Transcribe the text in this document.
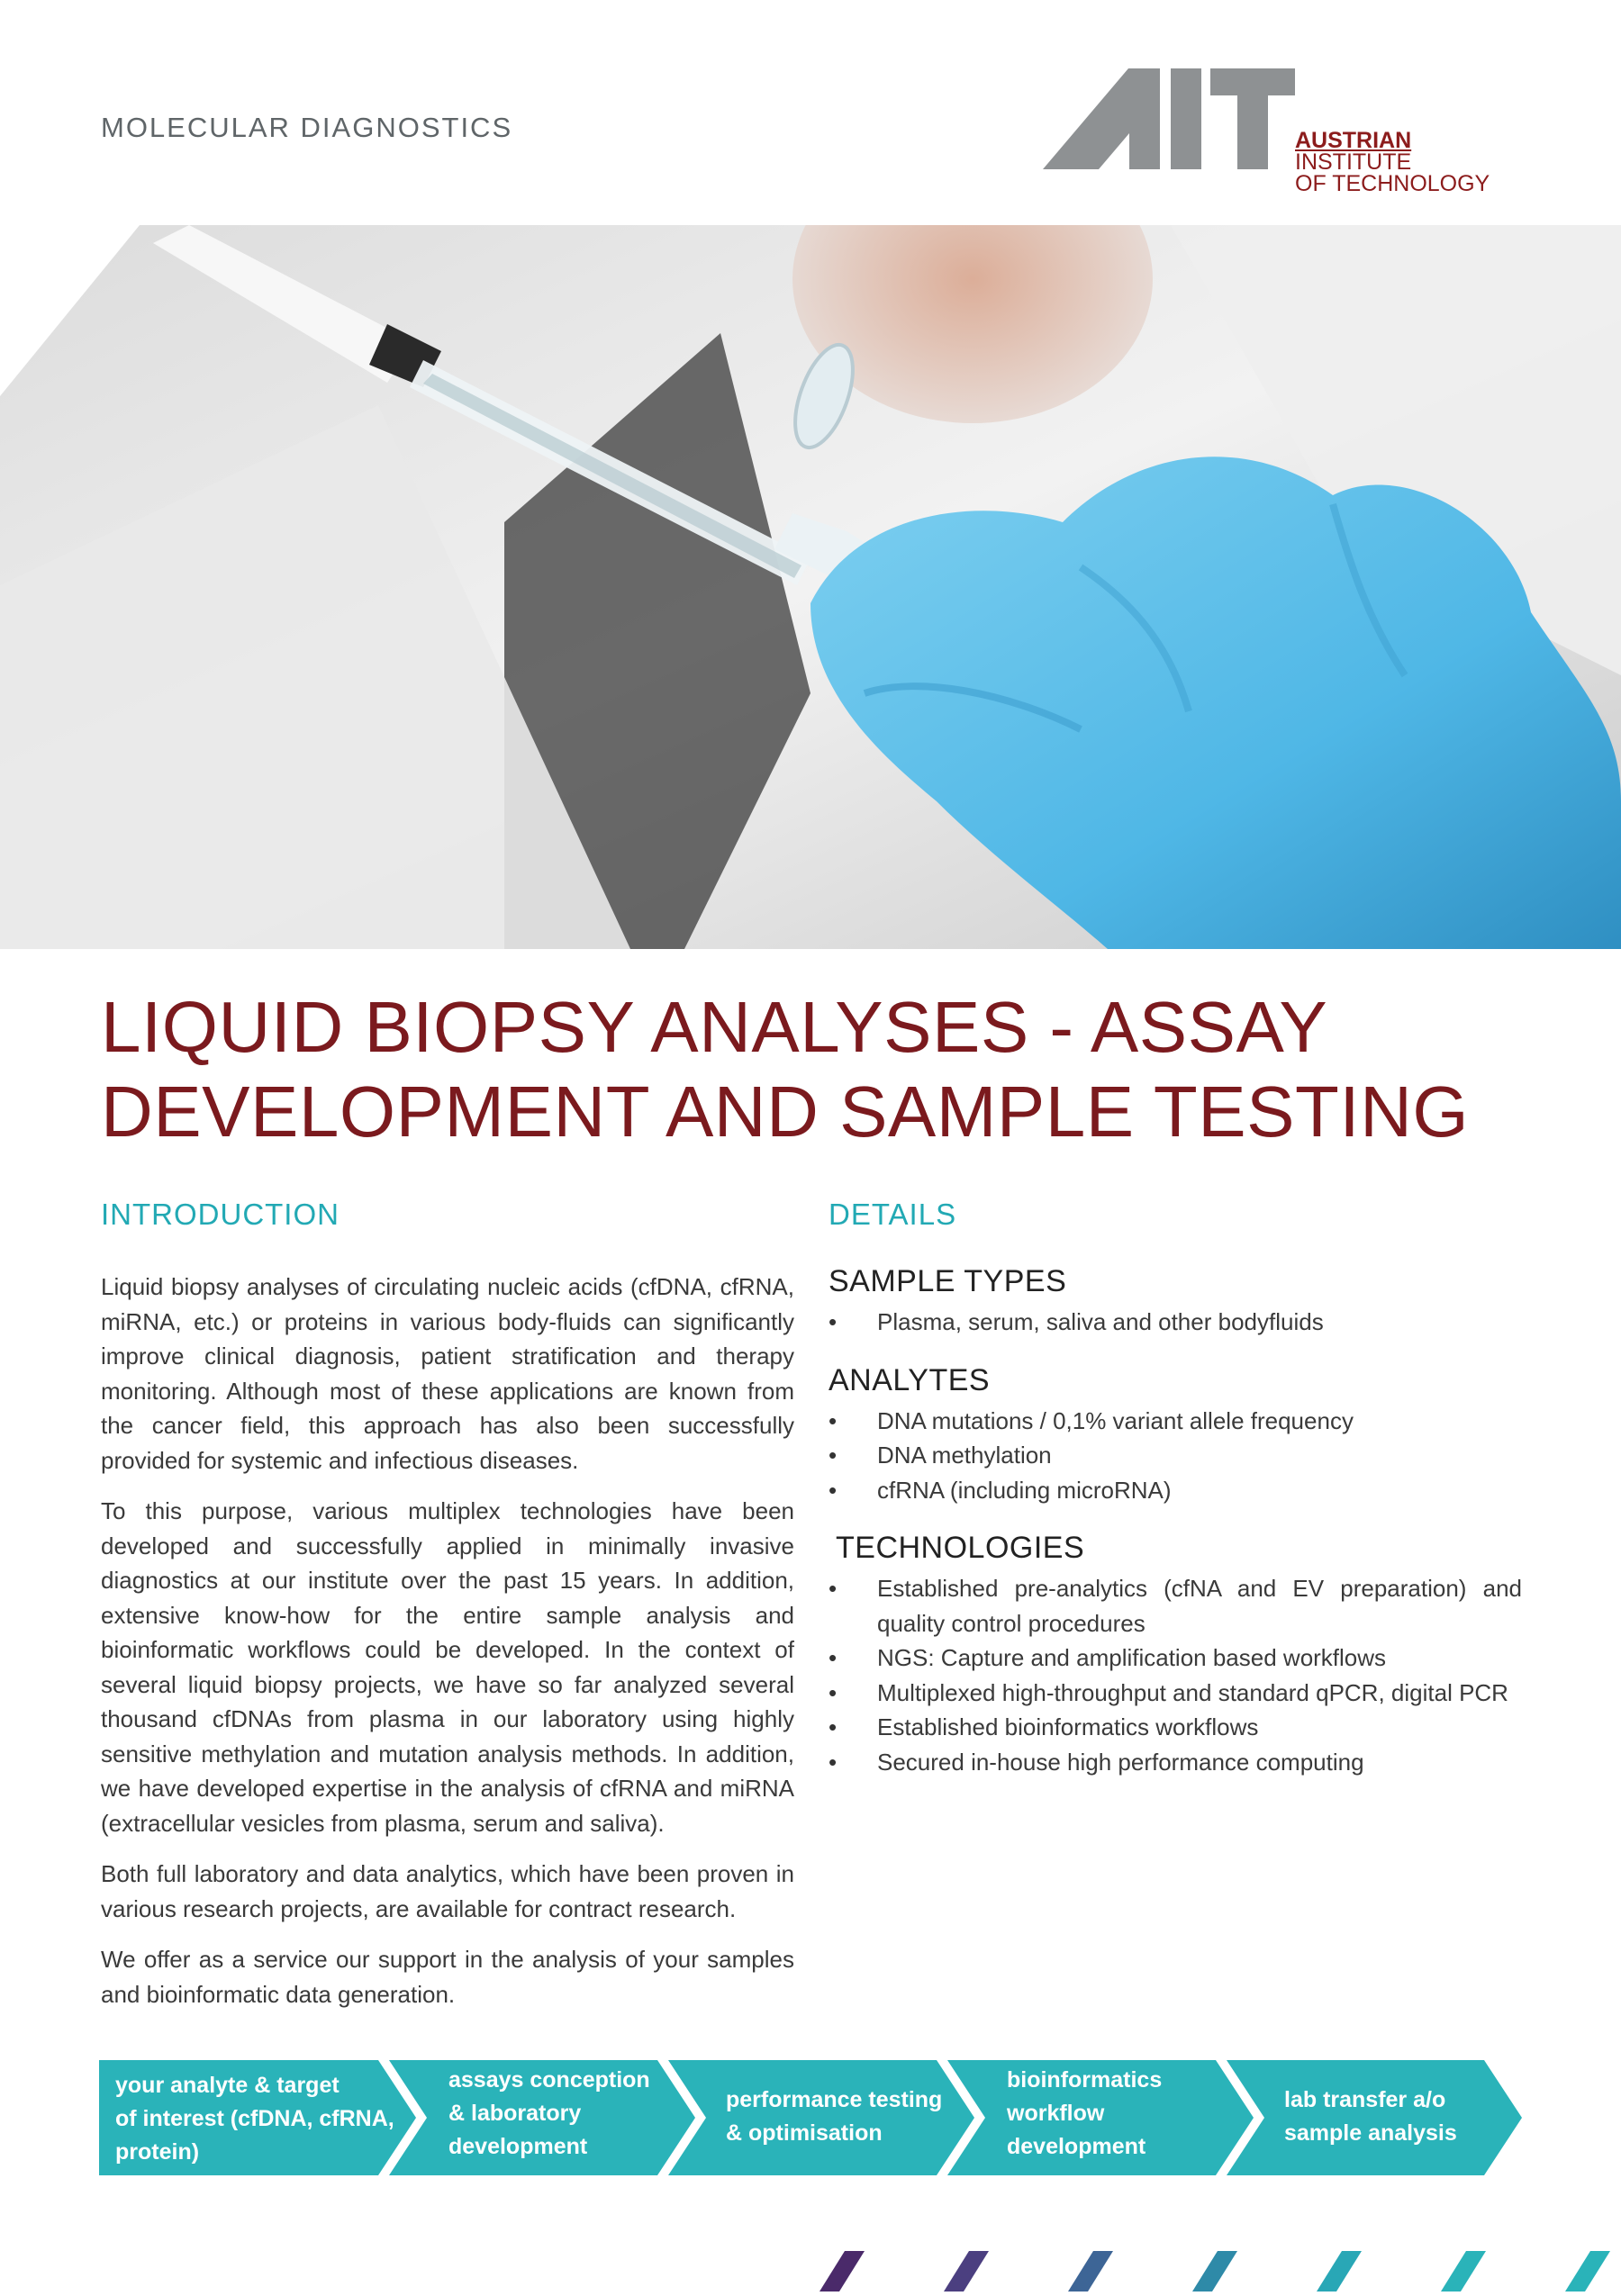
MOLECULAR DIAGNOSTICS	AUSTRIAN INSTITUTE
OF TECHNOLOGY
LIQUID BIOPSY ANALYSES - ASSAY
DEVELOPMENT AND SAMPLE TESTING
INTRODUCTION

Liquid biopsy analyses of circulating nucleic acids (cfDNA, cfRNA, miRNA, etc.) or proteins in various body-fluids can significantly improve clinical diagnosis, patient stratification and therapy monitoring. Although most of these applications are known from the cancer field, this approach has also been successfully provided for systemic and infectious diseases.

To this purpose, various multiplex technologies have been developed and successfully applied in minimally invasive diagnostics at our institute over the past 15 years. In addition, extensive know-how for the entire sample analysis and bioinformatic workflows could be developed. In the context of several liquid biopsy projects, we have so far analyzed several thousand cfDNAs from plasma in our laboratory using highly sensitive methylation and mutation analysis methods. In addition, we have developed expertise in the analysis of cfRNA and miRNA (extracellular vesicles from plasma, serum and saliva).

Both full laboratory and data analytics, which have been proven in various research projects, are available for contract research.

We offer as a service our support in the analysis of your samples and bioinformatic data generation.

DETAILS
SAMPLE TYPES
• Plasma, serum, saliva and other bodyfluids
ANALYTES
• DNA mutations / 0,1% variant allele frequency
• DNA methylation
• cfRNA (including microRNA)
TECHNOLOGIES
• Established pre-analytics (cfNA and EV preparation) and quality control procedures
• NGS: Capture and amplification based workflows
• Multiplexed high-throughput and standard qPCR, digital PCR
• Established bioinformatics workflows
• Secured in-house high performance computing
your analyte & target
of interest (cfDNA, cfRNA,
protein)
assays conception
& laboratory
development
performance testing
& optimisation
bioinformatics
workflow
development
lab transfer a/o
sample analysis
